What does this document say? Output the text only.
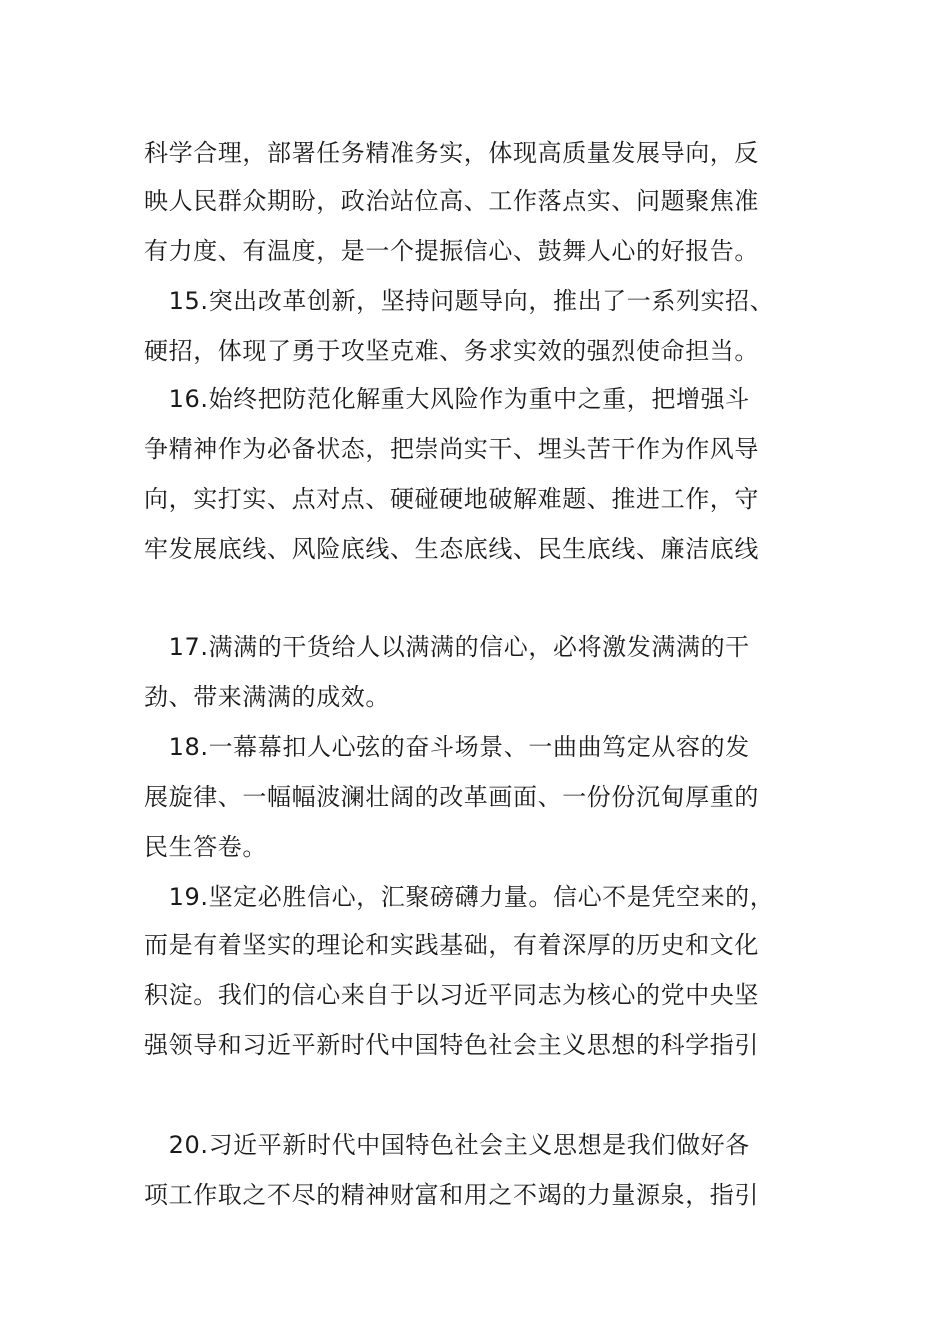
科学合理，部署任务精准务实，体现高质量发展导向，反
映人民群众期盼，政治站位高、工作落点实、问题聚焦准
有力度、有温度，是一个提振信心、鼓舞人心的好报告。
　15.突出改革创新，坚持问题导向，推出了一系列实招、
硬招，体现了勇于攻坚克难、务求实效的强烈使命担当。
　16.始终把防范化解重大风险作为重中之重，把增强斗
争精神作为必备状态，把崇尚实干、埋头苦干作为作风导
向，实打实、点对点、硬碰硬地破解难题、推进工作，守
牢发展底线、风险底线、生态底线、民生底线、廉洁底线
　17.满满的干货给人以满满的信心，必将激发满满的干
劲、带来满满的成效。
　18.一幕幕扣人心弦的奋斗场景、一曲曲笃定从容的发
展旋律、一幅幅波澜壮阔的改革画面、一份份沉甸厚重的
民生答卷。
　19.坚定必胜信心，汇聚磅礴力量。信心不是凭空来的，
而是有着坚实的理论和实践基础，有着深厚的历史和文化
积淀。我们的信心来自于以习近平同志为核心的党中央坚
强领导和习近平新时代中国特色社会主义思想的科学指引
　20.习近平新时代中国特色社会主义思想是我们做好各
项工作取之不尽的精神财富和用之不竭的力量源泉，指引
